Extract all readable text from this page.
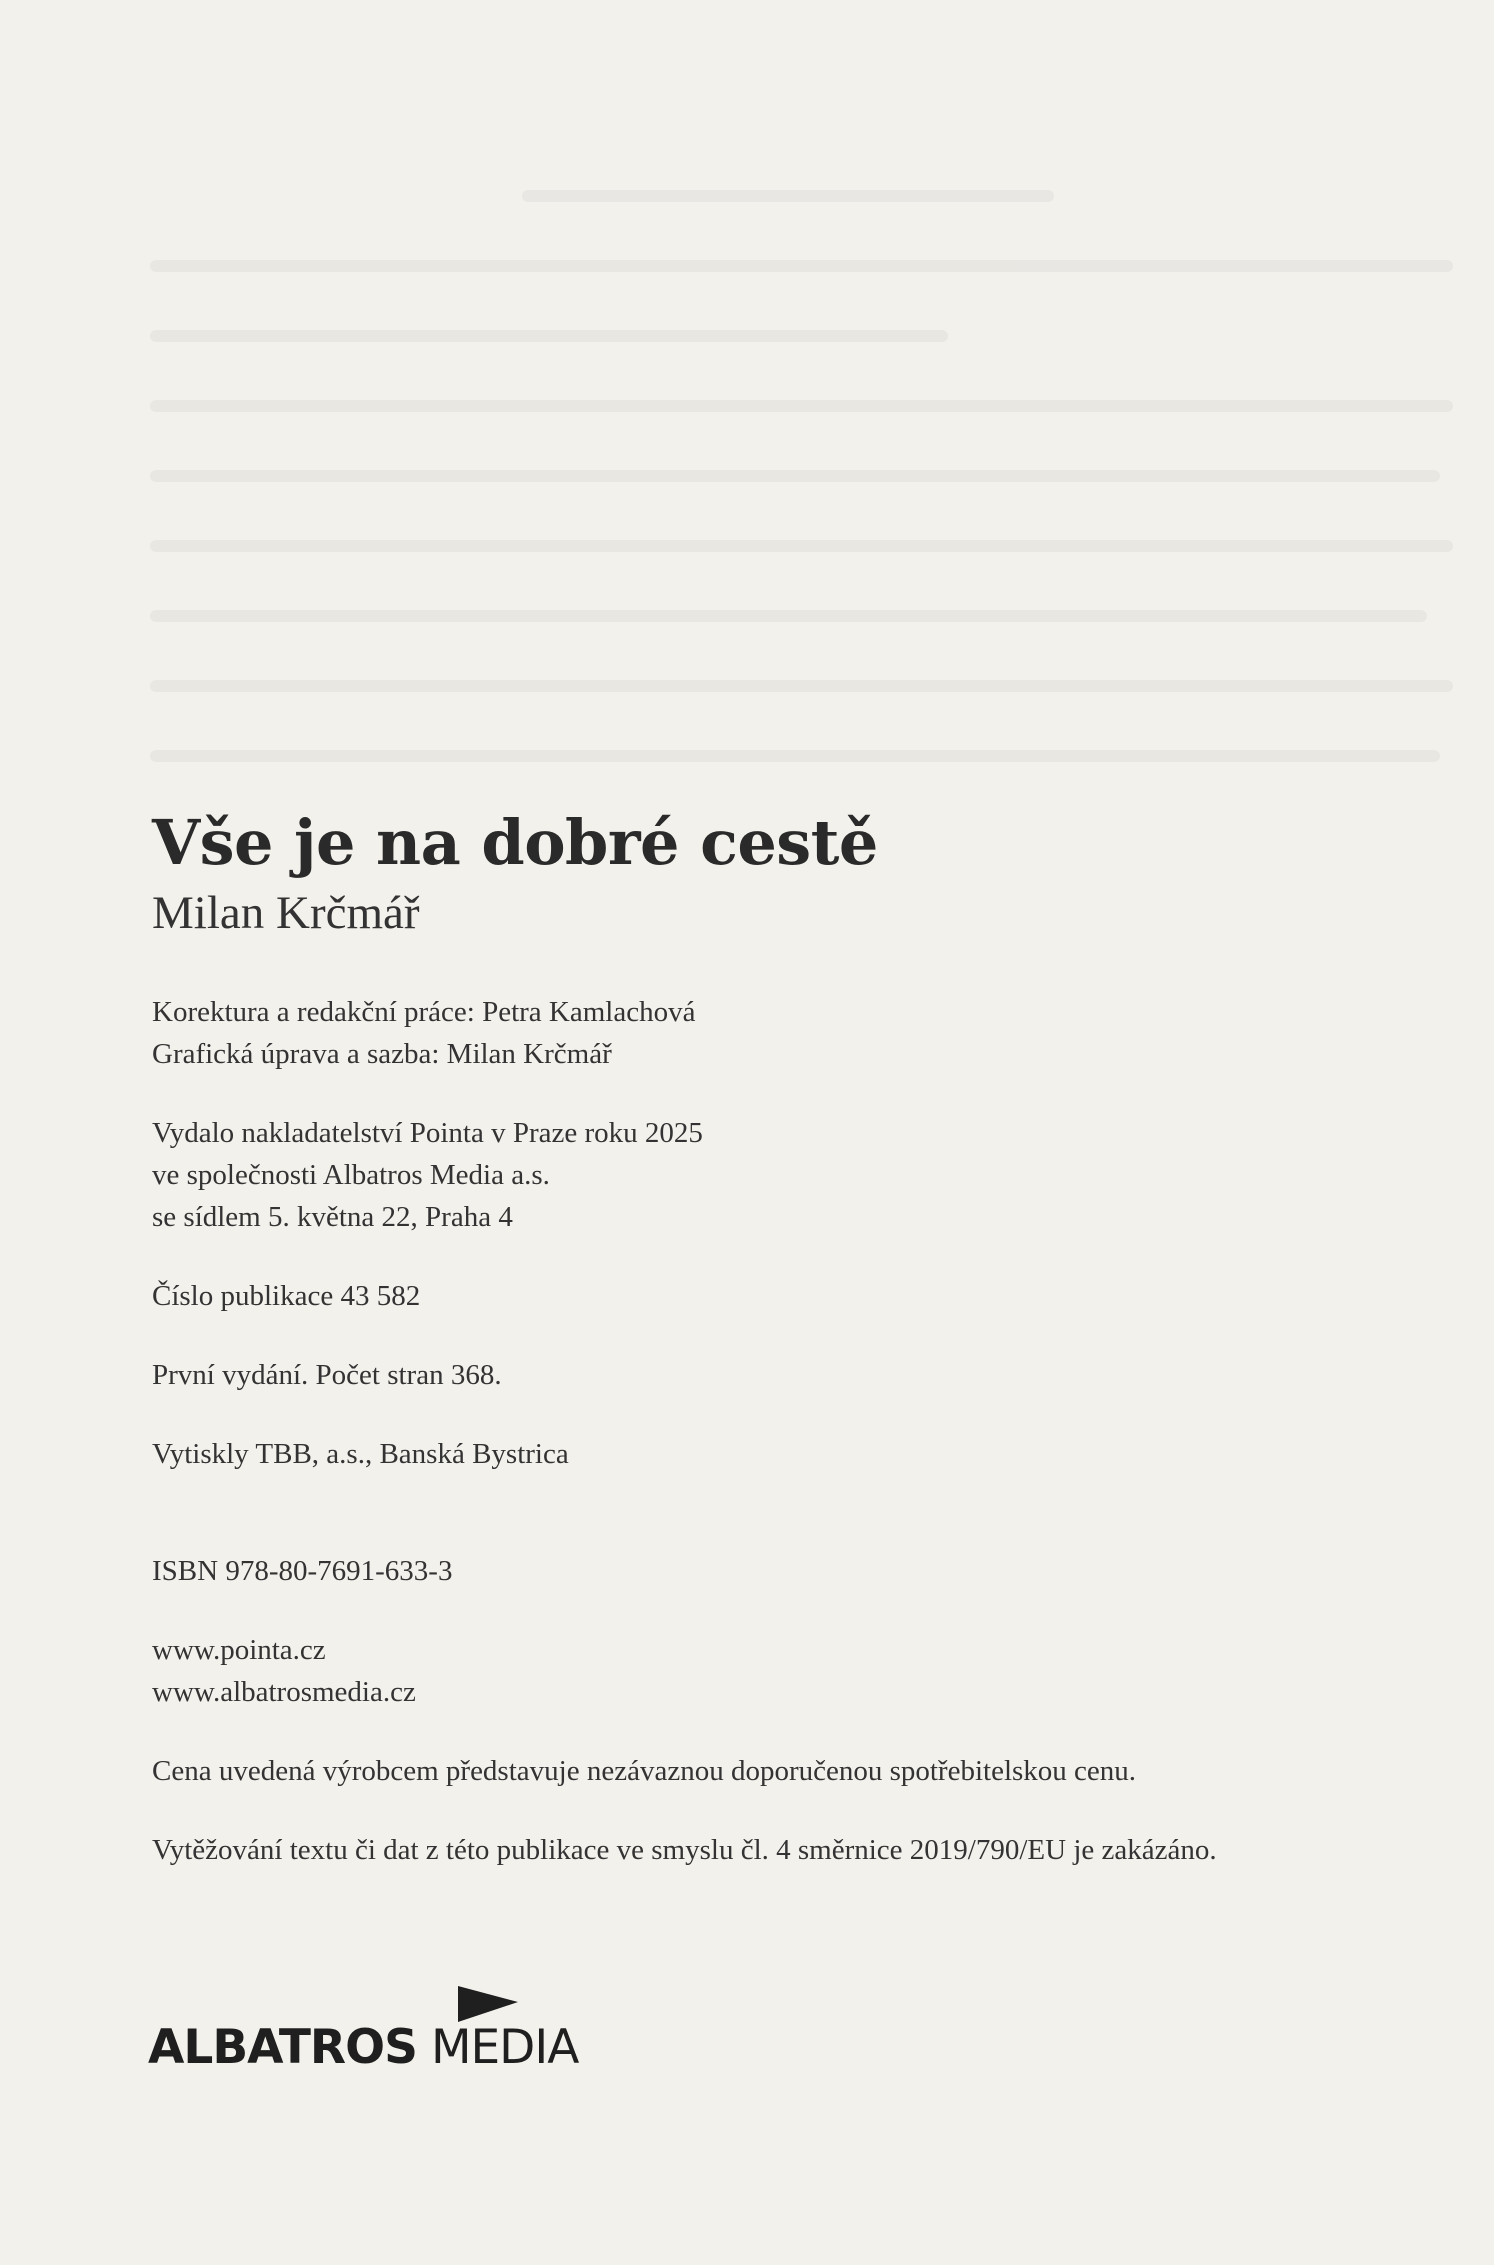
Vše je na dobré cestě
Milan Krčmář
Korektura a redakční práce: Petra Kamlachová
Grafická úprava a sazba: Milan Krčmář
Vydalo nakladatelství Pointa v Praze roku 2025
ve společnosti Albatros Media a.s.
se sídlem 5. května 22, Praha 4
Číslo publikace 43 582
První vydání. Počet stran 368.
Vytiskly TBB, a.s., Banská Bystrica
ISBN 978-80-7691-633-3
www.pointa.cz
www.albatrosmedia.cz
Cena uvedená výrobcem představuje nezávaznou doporučenou spotřebitelskou cenu.
Vytěžování textu či dat z této publikace ve smyslu čl. 4 směrnice 2019/790/EU je zakázáno.
ALBATROS MEDIA
